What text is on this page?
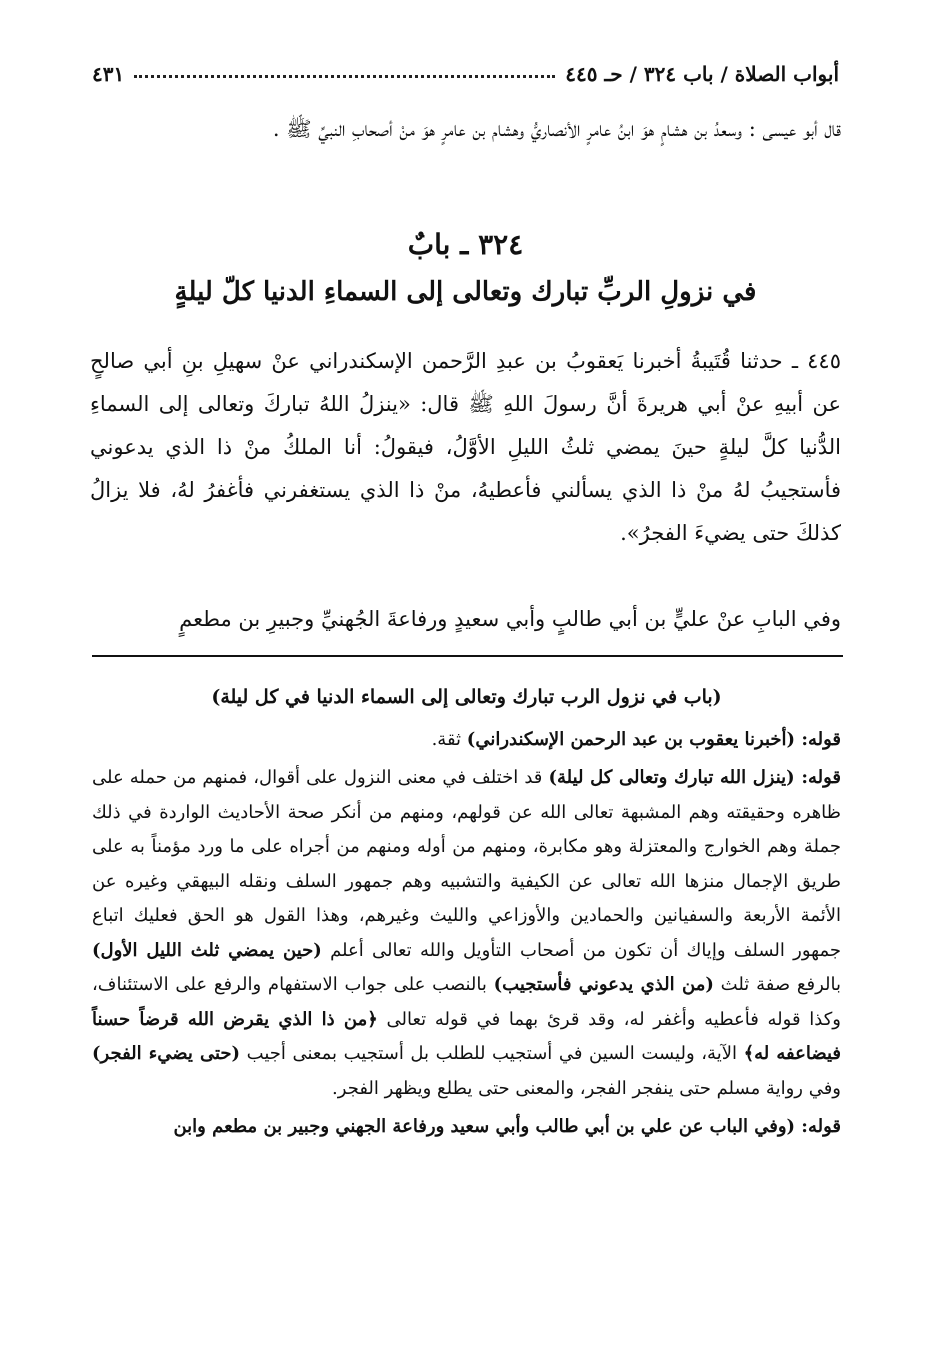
أبواب الصلاة / باب ٣٢٤ / حـ ٤٤٥
٤٣١
قال أبو عيسى : وسعدُ بن هشامٍ هوَ ابنُ عامرٍ الأنصاريُّ وهشام بن عامرٍ هوَ منْ أصحابِ النبيِّ ﷺ .
٣٢٤ ـ بابٌ
في نزولِ الربِّ تبارك وتعالى إلى السماءِ الدنيا كلّ ليلةٍ
٤٤٥ ـ حدثنا قُتَيبةُ أخبرنا يَعقوبُ بن عبدِ الرَّحمن الإسكندراني عنْ سهيلِ بنِ أبي صالحٍ عن أبيهِ عنْ أبي هريرةَ أنَّ رسولَ اللهِ ﷺ قال: «ينزلُ اللهُ تباركَ وتعالى إلى السماءِ الدُّنيا كلَّ ليلةٍ حينَ يمضي ثلثُ الليلِ الأوَّلُ، فيقولُ: أنا الملكُ منْ ذا الذي يدعوني فأستجيبُ لهُ منْ ذا الذي يسألني فأعطيهُ، منْ ذا الذي يستغفرني فأغفرُ لهُ، فلا يزالُ كذلكَ حتى يضيءَ الفجرُ».
وفي البابِ عنْ عليٍّ بن أبي طالبٍ وأبي سعيدٍ ورفاعةَ الجُهنيِّ وجبيرِ بن مطعمٍ

(باب في نزول الرب تبارك وتعالى إلى السماء الدنيا في كل ليلة)

قوله: (أخبرنا يعقوب بن عبد الرحمن الإسكندراني) ثقة.

قوله: (ينزل الله تبارك وتعالى كل ليلة) قد اختلف في معنى النزول على أقوال، فمنهم من حمله على ظاهره وحقيقته وهم المشبهة تعالى الله عن قولهم، ومنهم من أنكر صحة الأحاديث الواردة في ذلك جملة وهم الخوارج والمعتزلة وهو مكابرة، ومنهم من أوله ومنهم من أجراه على ما ورد مؤمناً به على طريق الإجمال منزها الله تعالى عن الكيفية والتشبيه وهم جمهور السلف ونقله البيهقي وغيره عن الأئمة الأربعة والسفيانين والحمادين والأوزاعي والليث وغيرهم، وهذا القول هو الحق فعليك اتباع جمهور السلف وإياك أن تكون من أصحاب التأويل والله تعالى أعلم (حين يمضي ثلث الليل الأول) بالرفع صفة ثلث (من الذي يدعوني فأستجيب) بالنصب على جواب الاستفهام والرفع على الاستئناف، وكذا قوله فأعطيه وأغفر له، وقد قرئ بهما في قوله تعالى ﴿من ذا الذي يقرض الله قرضاً حسناً فيضاعفه له﴾ الآية، وليست السين في أستجيب للطلب بل أستجيب بمعنى أجيب (حتى يضيء الفجر) وفي رواية مسلم حتى ينفجر الفجر، والمعنى حتى يطلع ويظهر الفجر.

قوله: (وفي الباب عن علي بن أبي طالب وأبي سعيد ورفاعة الجهني وجبير بن مطعم وابن
